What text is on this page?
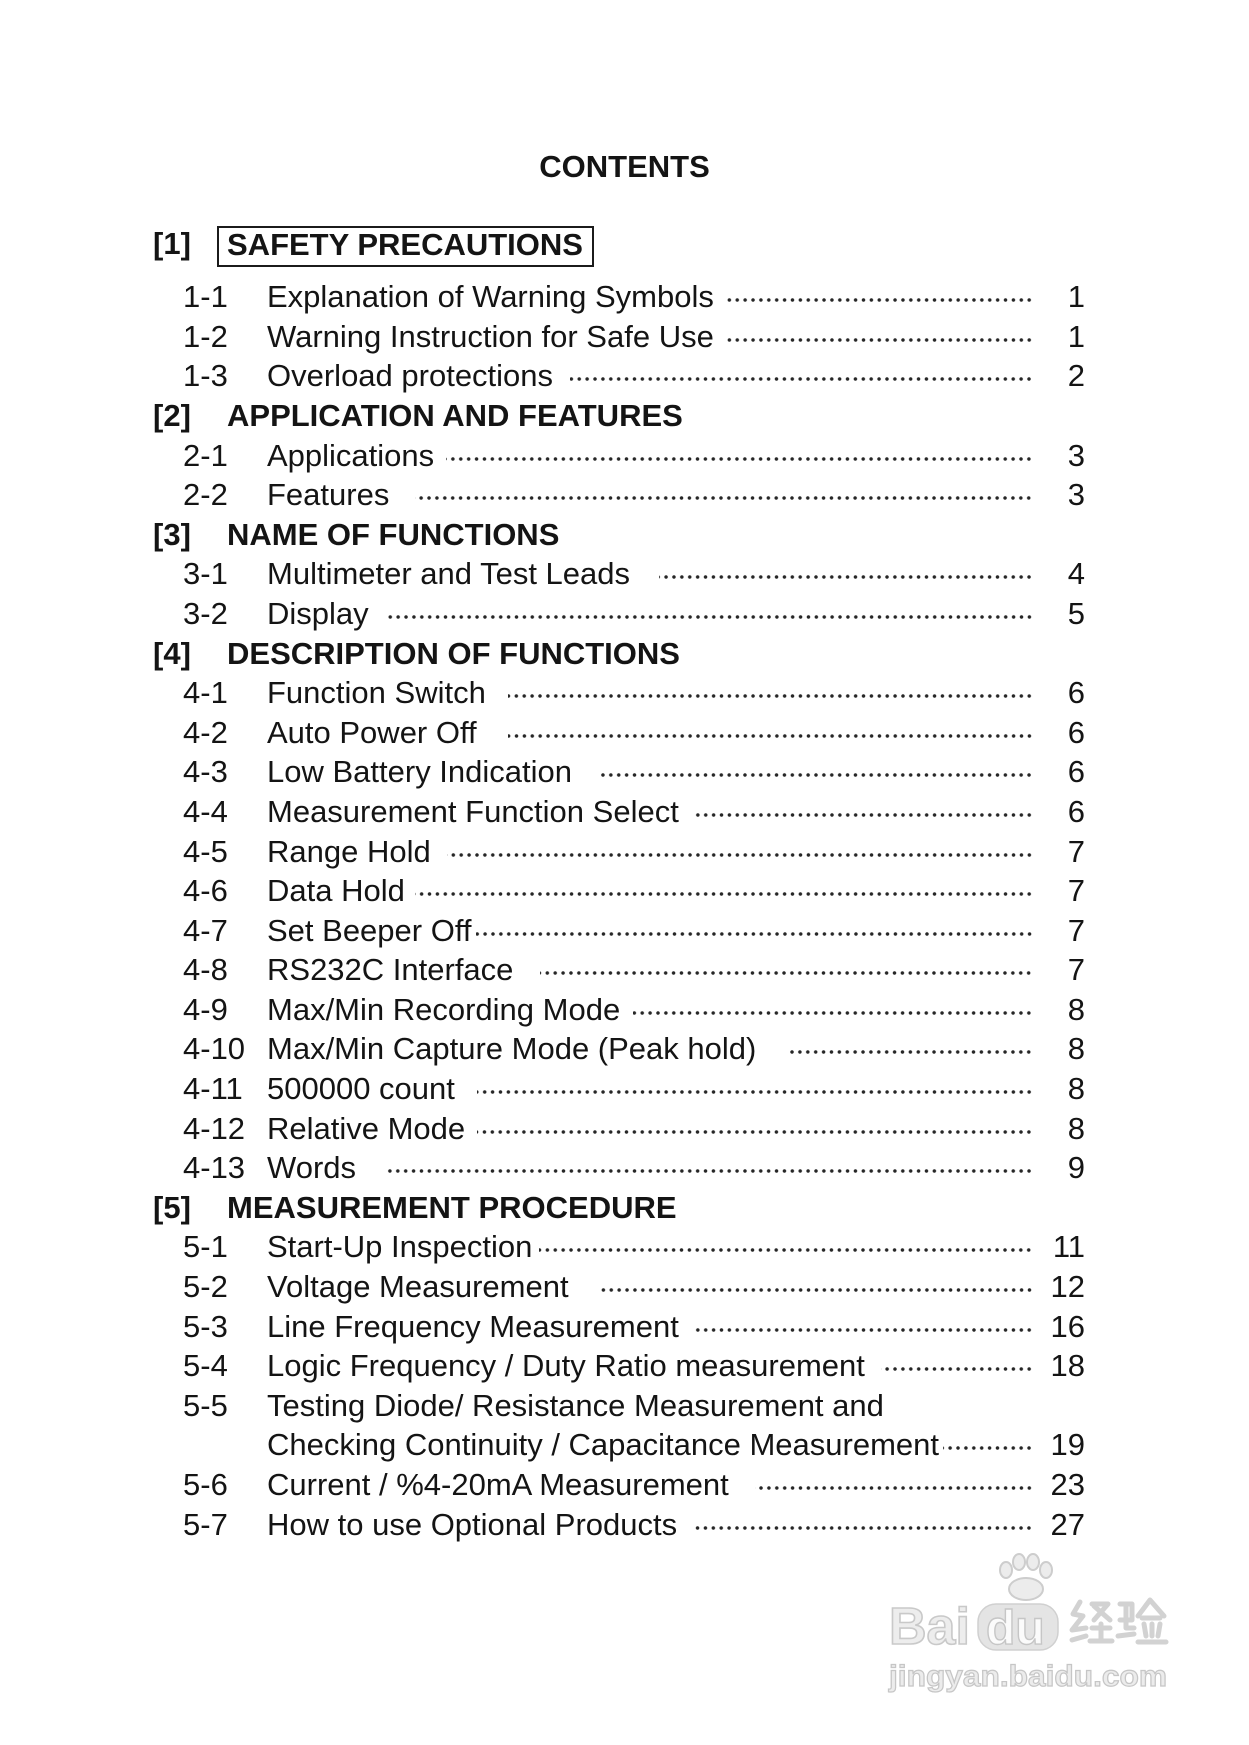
CONTENTS
[1]	SAFETY PRECAUTIONS
1-1	Explanation of Warning Symbols	1
1-2	Warning Instruction for Safe Use	1
1-3	Overload protections	2
[2]	APPLICATION AND FEATURES
2-1	Applications	3
2-2	Features	3
[3]	NAME OF FUNCTIONS
3-1	Multimeter and Test Leads	4
3-2	Display	5
[4]	DESCRIPTION OF FUNCTIONS
4-1	Function Switch	6
4-2	Auto Power Off	6
4-3	Low Battery Indication	6
4-4	Measurement Function Select	6
4-5	Range Hold	7
4-6	Data Hold	7
4-7	Set Beeper Off	7
4-8	RS232C Interface	7
4-9	Max/Min Recording Mode	8
4-10 Max/Min Capture Mode (Peak hold)	8
4-11 500000 count	8
4-12 Relative Mode	8
4-13 Words	9
[5]	MEASUREMENT PROCEDURE
5-1	Start-Up Inspection	11
5-2	Voltage Measurement	12
5-3	Line Frequency Measurement	16
5-4	Logic Frequency / Duty Ratio measurement	18
5-5	Testing Diode/ Resistance Measurement and
Checking Continuity / Capacitance Measurement	19
5-6	Current / %4-20mA Measurement	23
5-7	How to use Optional Products	27
Bai du
jingyan.baidu.com
